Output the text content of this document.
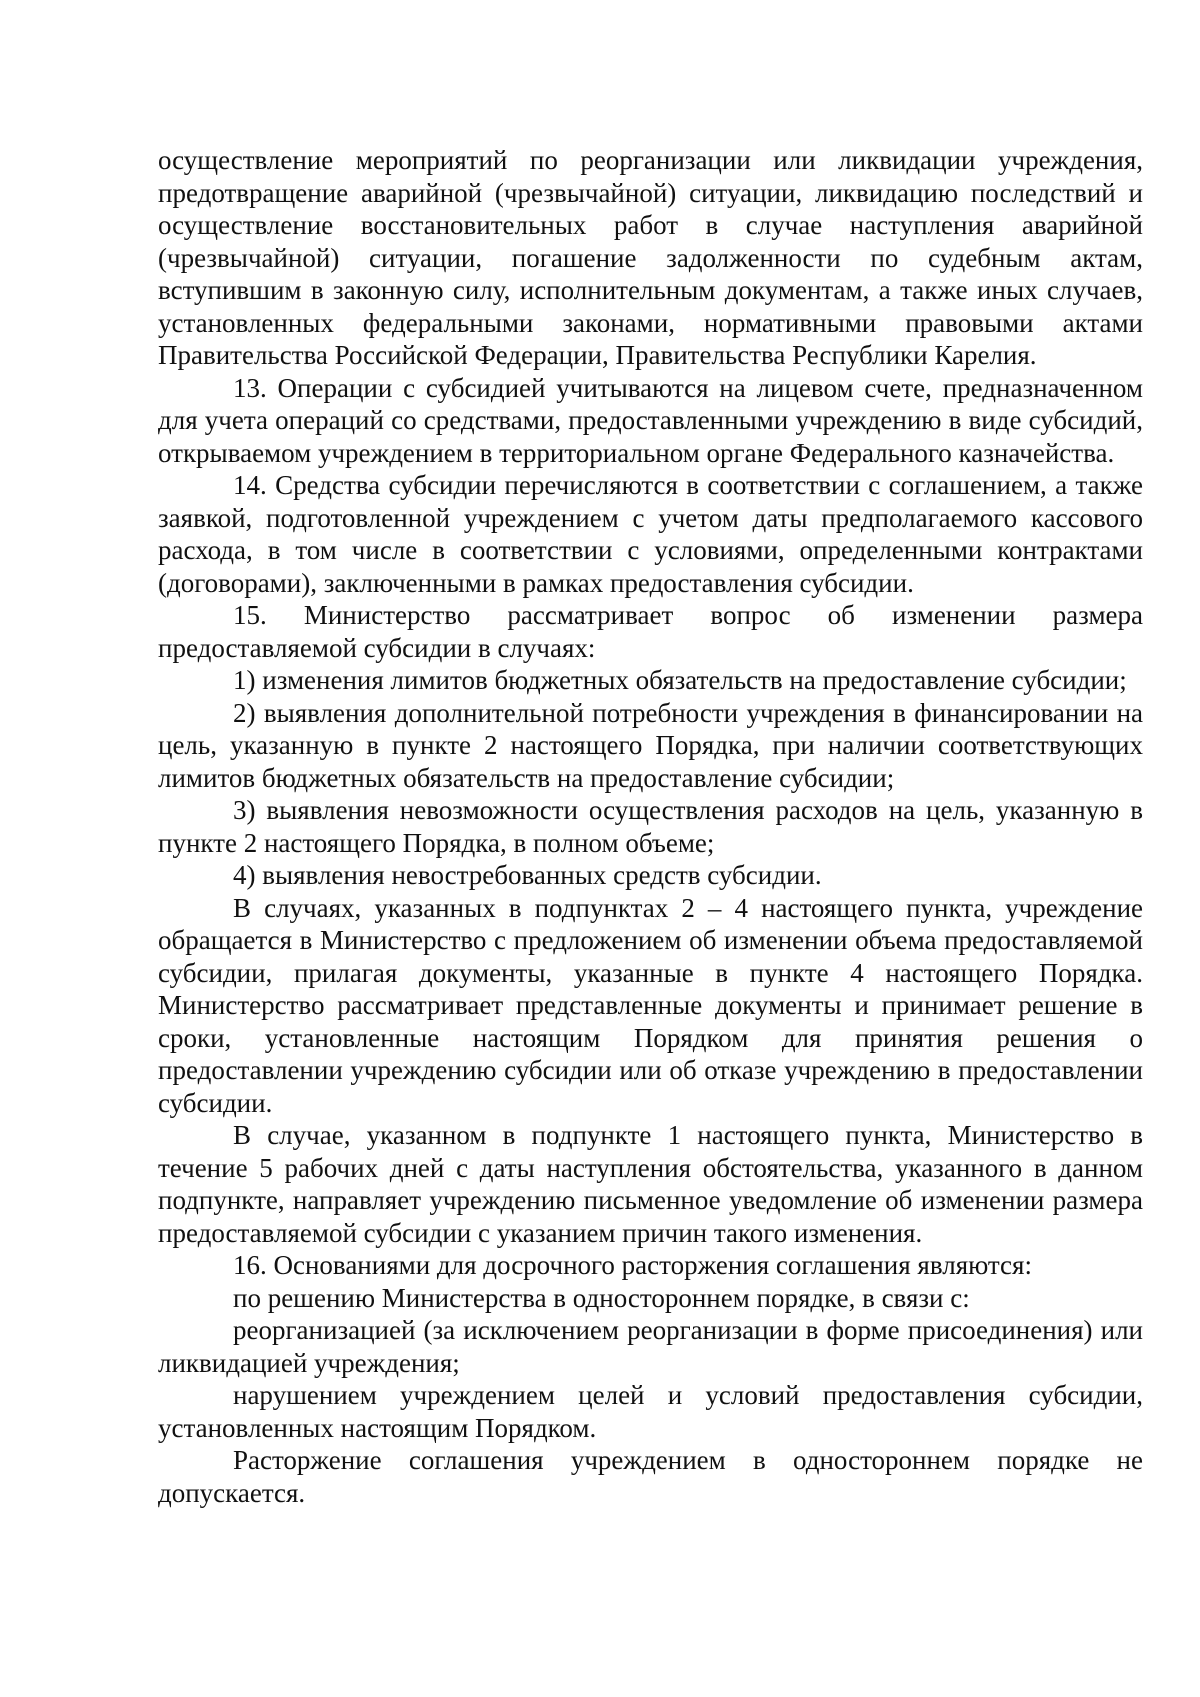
осуществление мероприятий по реорганизации или ликвидации учреждения, предотвращение аварийной (чрезвычайной) ситуации, ликвидацию последствий и осуществление восстановительных работ в случае наступления аварийной (чрезвычайной) ситуации, погашение задолженности по судебным актам, вступившим в законную силу, исполнительным документам, а также иных случаев, установленных федеральными законами, нормативными правовыми актами Правительства Российской Федерации, Правительства Республики Карелия.

13. Операции с субсидией учитываются на лицевом счете, предназначенном для учета операций со средствами, предоставленными учреждению в виде субсидий, открываемом учреждением в территориальном органе Федерального казначейства.

14. Средства субсидии перечисляются в соответствии с соглашением, а также заявкой, подготовленной учреждением с учетом даты предполагаемого кассового расхода, в том числе в соответствии с условиями, определенными контрактами (договорами), заключенными в рамках предоставления субсидии.

15. Министерство рассматривает вопрос об изменении размера предоставляемой субсидии в случаях:

1) изменения лимитов бюджетных обязательств на предоставление субсидии;

2) выявления дополнительной потребности учреждения в финансировании на цель, указанную в пункте 2 настоящего Порядка, при наличии соответствующих лимитов бюджетных обязательств на предоставление субсидии;

3) выявления невозможности осуществления расходов на цель, указанную в пункте 2 настоящего Порядка, в полном объеме;

4) выявления невостребованных средств субсидии.

В случаях, указанных в подпунктах 2 – 4 настоящего пункта, учреждение обращается в Министерство с предложением об изменении объема предоставляемой субсидии, прилагая документы, указанные в пункте 4 настоящего Порядка. Министерство рассматривает представленные документы и принимает решение в сроки, установленные настоящим Порядком для принятия решения о предоставлении учреждению субсидии или об отказе учреждению в предоставлении субсидии.

В случае, указанном в подпункте 1 настоящего пункта, Министерство в течение 5 рабочих дней с даты наступления обстоятельства, указанного в данном подпункте, направляет учреждению письменное уведомление об изменении размера предоставляемой субсидии с указанием причин такого изменения.

16. Основаниями для досрочного расторжения соглашения являются:

по решению Министерства в одностороннем порядке, в связи с:

реорганизацией (за исключением реорганизации в форме присоединения) или ликвидацией учреждения;

нарушением учреждением целей и условий предоставления субсидии, установленных настоящим Порядком.

Расторжение соглашения учреждением в одностороннем порядке не допускается.
